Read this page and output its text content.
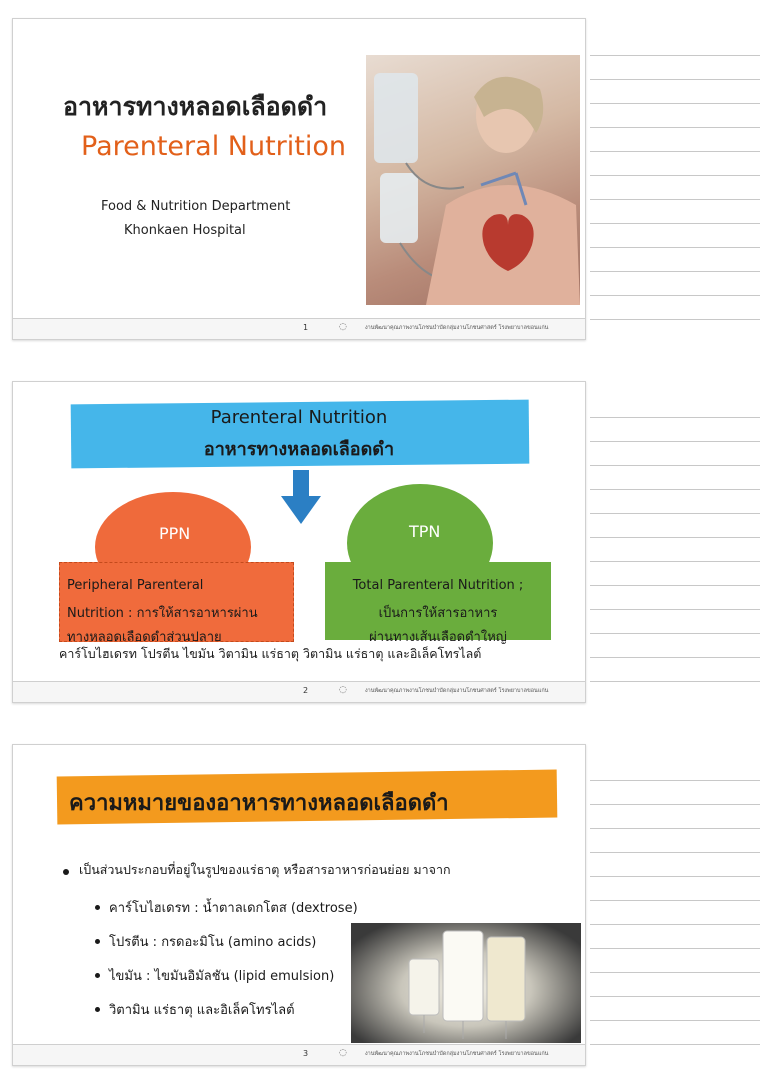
อาหารทางหลอดเลือดดำ
Parenteral Nutrition
Food & Nutrition Department
Khonkaen Hospital
1	◌	งานพัฒนาคุณภาพงานโภชนบำบัดกลุ่มงานโภชนศาสตร์ โรงพยาบาลขอนแก่น
Parenteral Nutrition
อาหารทางหลอดเลือดดำ
PPN	TPN
Peripheral Parenteral
Nutrition : การให้สารอาหารผ่าน
ทางหลอดเลือดดำส่วนปลาย
Total Parenteral Nutrition ;
เป็นการให้สารอาหาร
ผ่านทางเส้นเลือดดำใหญ่
คาร์โบไฮเดรท โปรตีน ไขมัน วิตามิน แร่ธาตุ วิตามิน แร่ธาตุ และอิเล็คโทรไลต์
2	◌	งานพัฒนาคุณภาพงานโภชนบำบัดกลุ่มงานโภชนศาสตร์ โรงพยาบาลขอนแก่น
ความหมายของอาหารทางหลอดเลือดดำ
เป็นส่วนประกอบที่อยู่ในรูปของแร่ธาตุ หรือสารอาหารก่อนย่อย มาจาก
คาร์โบไฮเดรท : น้ำตาลเดกโตส (dextrose)
โปรตีน : กรดอะมิโน (amino acids)
ไขมัน : ไขมันอิมัลชัน (lipid emulsion)
วิตามิน แร่ธาตุ และอิเล็คโทรไลต์
3	◌	งานพัฒนาคุณภาพงานโภชนบำบัดกลุ่มงานโภชนศาสตร์ โรงพยาบาลขอนแก่น
